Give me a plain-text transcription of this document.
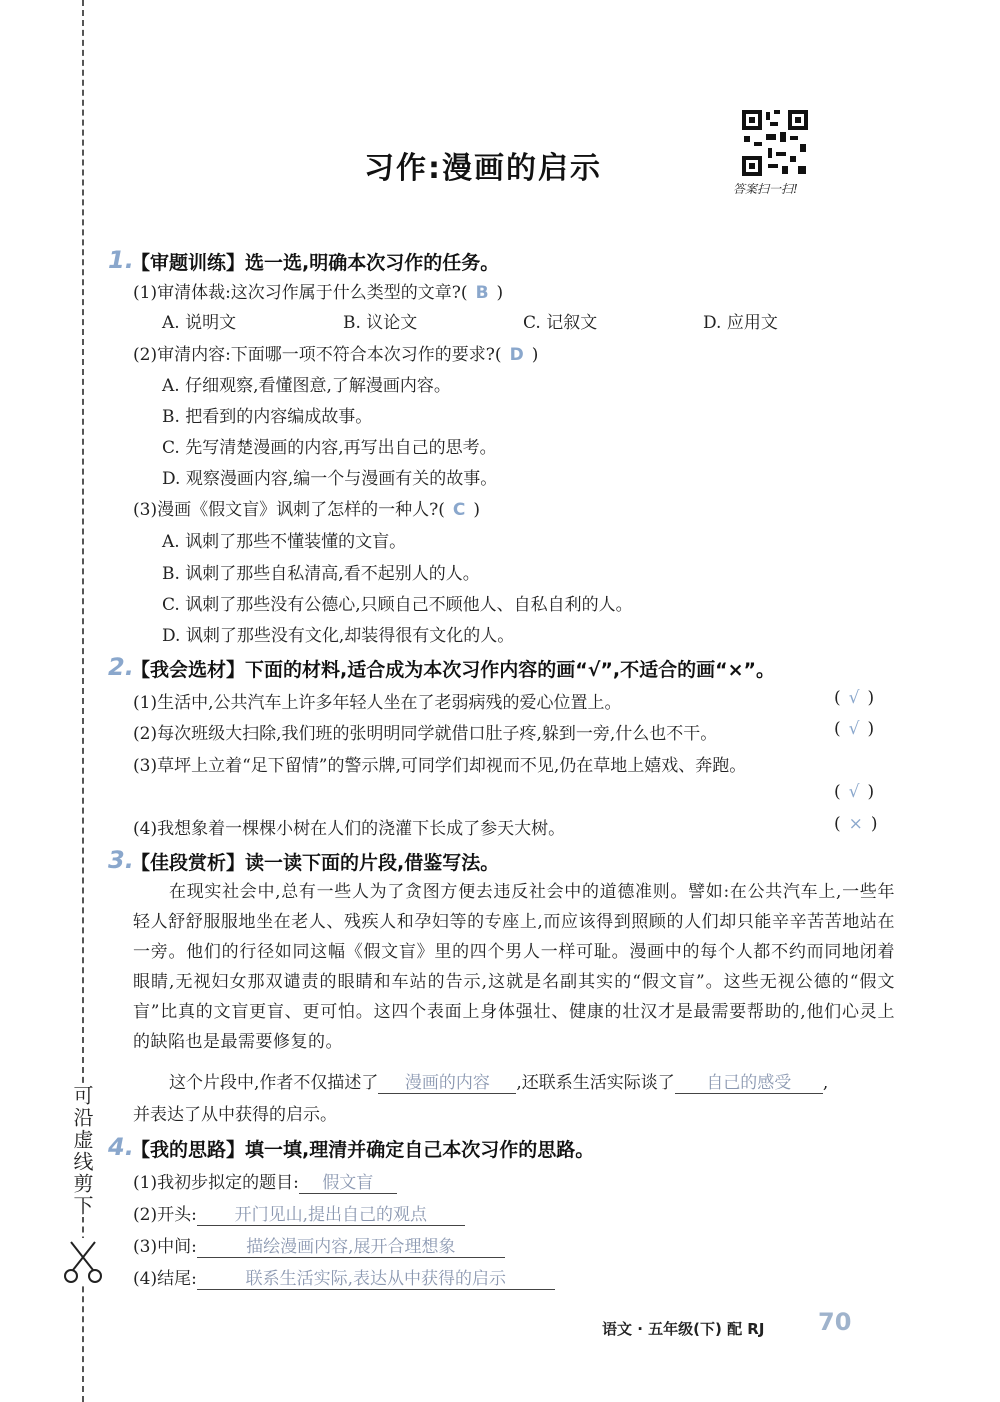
可沿虚线剪下
习作:漫画的启示
答案扫一扫!
1.
【审题训练】选一选,明确本次习作的任务。
(1)审清体裁:这次习作属于什么类型的文章?( B )
A. 说明文	B. 议论文	C. 记叙文	D. 应用文
(2)审清内容:下面哪一项不符合本次习作的要求?( D )
A. 仔细观察,看懂图意,了解漫画内容。
B. 把看到的内容编成故事。
C. 先写清楚漫画的内容,再写出自己的思考。
D. 观察漫画内容,编一个与漫画有关的故事。
(3)漫画《假文盲》讽刺了怎样的一种人?( C )
A. 讽刺了那些不懂装懂的文盲。
B. 讽刺了那些自私清高,看不起别人的人。
C. 讽刺了那些没有公德心,只顾自己不顾他人、自私自利的人。
D. 讽刺了那些没有文化,却装得很有文化的人。
2.
【我会选材】下面的材料,适合成为本次习作内容的画“√”,不适合的画“×”。
(1)生活中,公共汽车上许多年轻人坐在了老弱病残的爱心位置上。	( √ )
(2)每次班级大扫除,我们班的张明明同学就借口肚子疼,躲到一旁,什么也不干。	( √ )
(3)草坪上立着“足下留情”的警示牌,可同学们却视而不见,仍在草地上嬉戏、奔跑。
( √ )
(4)我想象着一棵棵小树在人们的浇灌下长成了参天大树。	( × )
3.
【佳段赏析】读一读下面的片段,借鉴写法。
在现实社会中,总有一些人为了贪图方便去违反社会中的道德准则。譬如:在公共汽车上,一些年轻人舒舒服服地坐在老人、残疾人和孕妇等的专座上,而应该得到照顾的人们却只能辛辛苦苦地站在一旁。他们的行径如同这幅《假文盲》里的四个男人一样可耻。漫画中的每个人都不约而同地闭着眼睛,无视妇女那双谴责的眼睛和车站的告示,这就是名副其实的“假文盲”。这些无视公德的“假文盲”比真的文盲更盲、更可怕。这四个表面上身体强壮、健康的壮汉才是最需要帮助的,他们心灵上的缺陷也是最需要修复的。
这个片段中,作者不仅描述了 漫画的内容 ,还联系生活实际谈了 自己的感受 ,
并表达了从中获得的启示。
4.
【我的思路】填一填,理清并确定自己本次习作的思路。
(1)我初步拟定的题目: 假文盲
(2)开头: 开门见山,提出自己的观点
(3)中间:	描绘漫画内容,展开合理想象
(4)结尾:	联系生活实际,表达从中获得的启示
语文 · 五年级(下) 配 RJ 70
